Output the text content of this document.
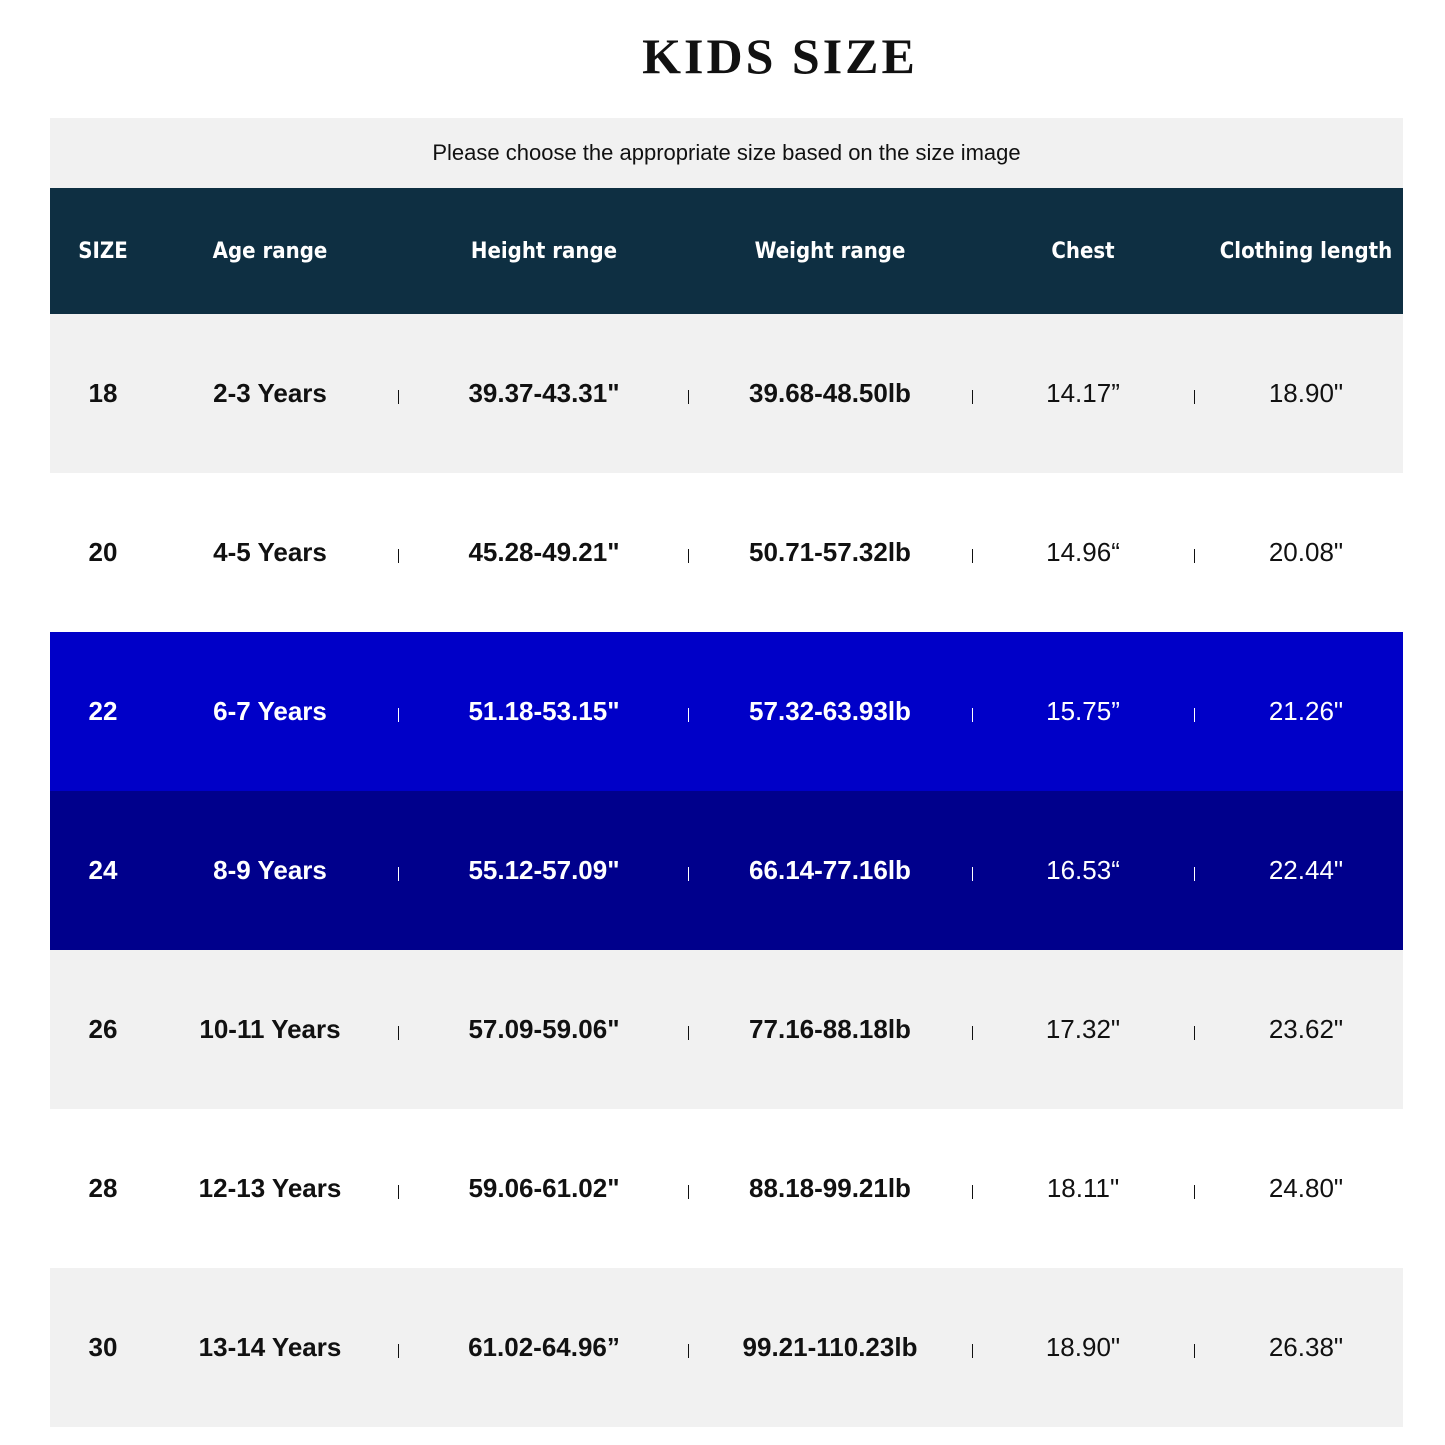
KIDS SIZE
Please choose the appropriate size based on the size image
SIZE	Age range	Height range	Weight range	Chest	Clothing length
18	2-3 Years	39.37-43.31"	39.68-48.50lb	14.17”	18.90"
20	4-5 Years	45.28-49.21"	50.71-57.32lb	14.96“	20.08"
22	6-7 Years	51.18-53.15"	57.32-63.93lb	15.75”	21.26"
24	8-9 Years	55.12-57.09"	66.14-77.16lb	16.53“	22.44"
26	10-11 Years	57.09-59.06"	77.16-88.18lb	17.32"	23.62"
28	12-13 Years	59.06-61.02"	88.18-99.21lb	18.11"	24.80"
30	13-14 Years	61.02-64.96”	99.21-110.23lb	18.90"	26.38"
